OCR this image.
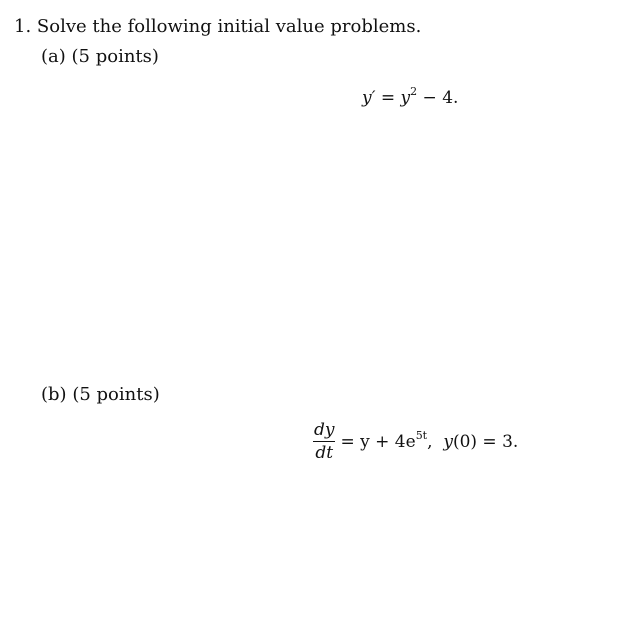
1. Solve the following initial value problems.
(a) (5 points)
$y' = y^2 - 4$.
(b) (5 points)
$\frac{dy}{dt} = y + 4e^{5t}$,  y(0) = 3.
